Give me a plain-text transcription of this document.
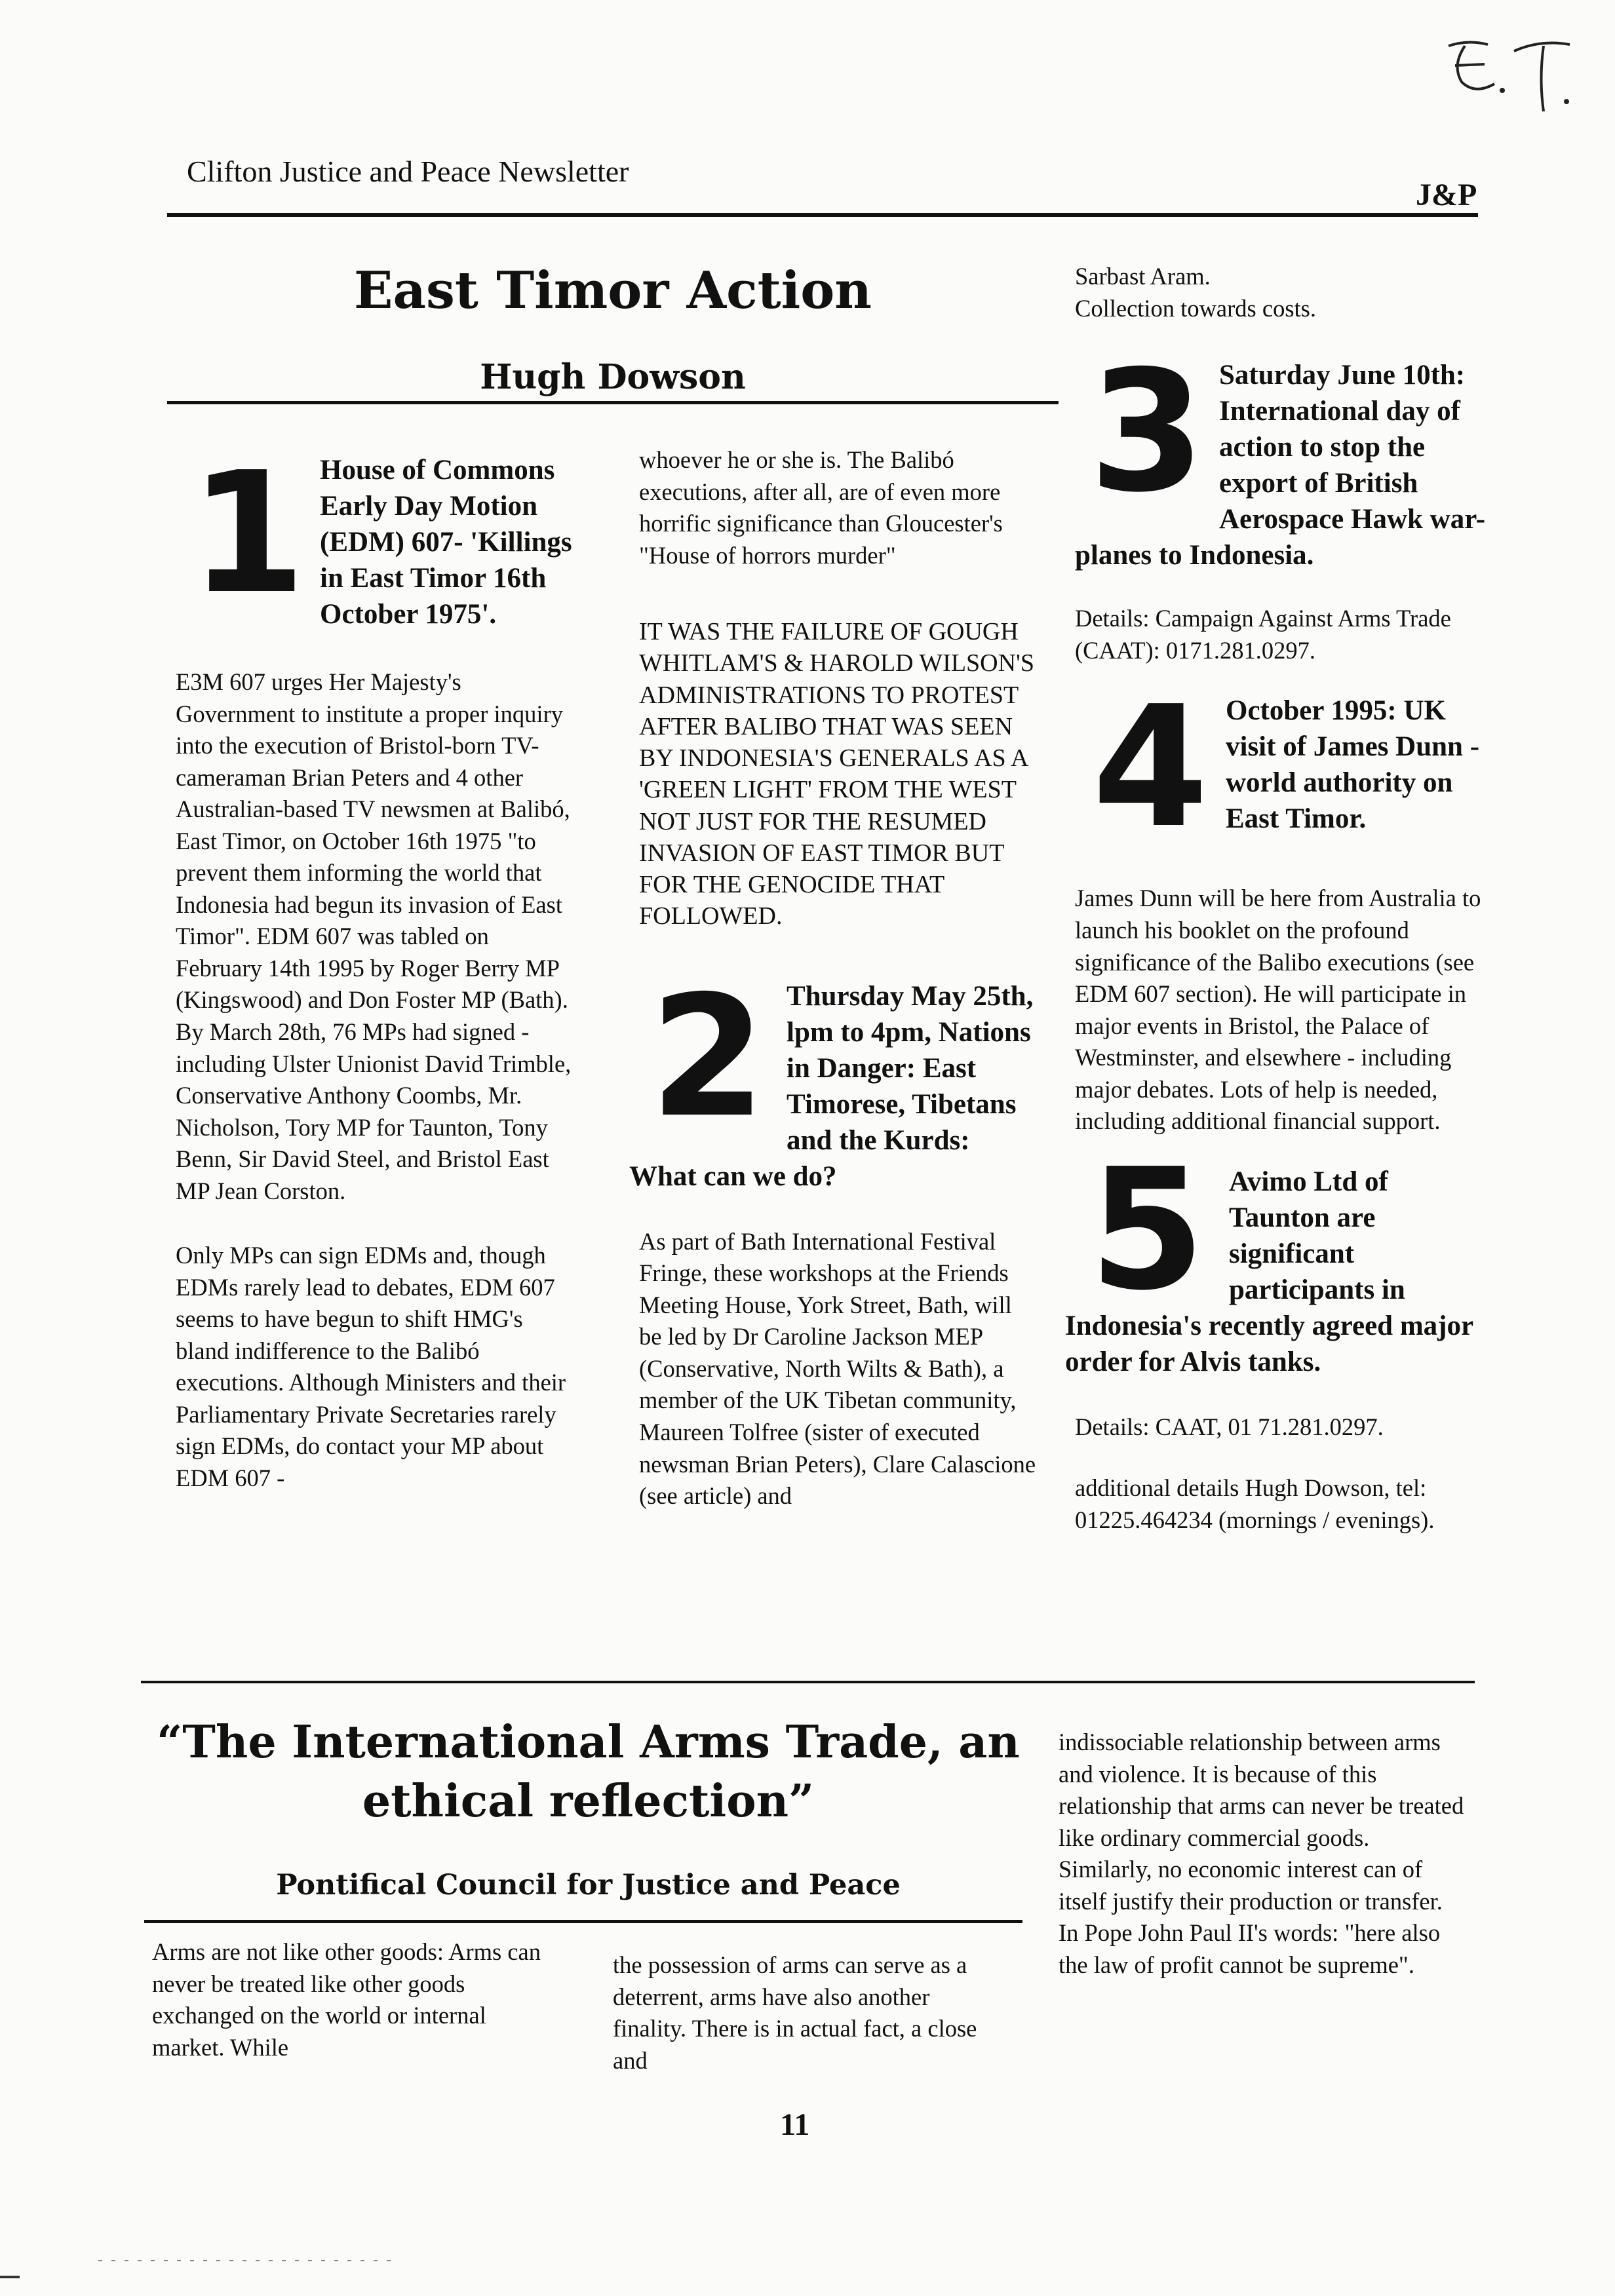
Clifton Justice and Peace Newsletter
J&P
East Timor Action
Hugh Dowson
1 House of Commons Early Day Motion (EDM) 607- 'Killings in East Timor 16th October 1975'.

E3M 607 urges Her Majesty's Government to institute a proper inquiry into the execution of Bristol-born TV-cameraman Brian Peters and 4 other Australian-based TV newsmen at Balibó, East Timor, on October 16th 1975 "to prevent them informing the world that Indonesia had begun its invasion of East Timor". EDM 607 was tabled on February 14th 1995 by Roger Berry MP (Kingswood) and Don Foster MP (Bath). By March 28th, 76 MPs had signed - including Ulster Unionist David Trimble, Conservative Anthony Coombs, Mr. Nicholson, Tory MP for Taunton, Tony Benn, Sir David Steel, and Bristol East MP Jean Corston.

Only MPs can sign EDMs and, though EDMs rarely lead to debates, EDM 607 seems to have begun to shift HMG's bland indifference to the Balibó executions. Although Ministers and their Parliamentary Private Secretaries rarely sign EDMs, do contact your MP about EDM 607 -

whoever he or she is. The Balibó executions, after all, are of even more horrific significance than Gloucester's "House of horrors murder"

IT WAS THE FAILURE OF GOUGH WHITLAM'S & HAROLD WILSON'S ADMINISTRATIONS TO PROTEST AFTER BALIBO THAT WAS SEEN BY INDONESIA'S GENERALS AS A 'GREEN LIGHT' FROM THE WEST NOT JUST FOR THE RESUMED INVASION OF EAST TIMOR BUT FOR THE GENOCIDE THAT FOLLOWED.

2 Thursday May 25th, lpm to 4pm, Nations in Danger: East Timorese, Tibetans and the Kurds: What can we do?

As part of Bath International Festival Fringe, these workshops at the Friends Meeting House, York Street, Bath, will be led by Dr Caroline Jackson MEP (Conservative, North Wilts & Bath), a member of the UK Tibetan community, Maureen Tolfree (sister of executed newsman Brian Peters), Clare Calascione (see article) and

Sarbast Aram.
Collection towards costs.
3 Saturday June 10th: International day of action to stop the export of British Aerospace Hawk war-planes to Indonesia.

Details: Campaign Against Arms Trade (CAAT): 0171.281.0297.

4 October 1995: UK visit of James Dunn - world authority on East Timor.

James Dunn will be here from Australia to launch his booklet on the profound significance of the Balibo executions (see EDM 607 section). He will participate in major events in Bristol, the Palace of Westminster, and elsewhere - including major debates. Lots of help is needed, including additional financial support.

5 Avimo Ltd of Taunton are significant participants in Indonesia's recently agreed major order for Alvis tanks.

Details: CAAT, 01 71.281.0297.

additional details Hugh Dowson, tel: 01225.464234 (mornings / evenings).

“The International Arms Trade, an ethical reflection”
Pontifical Council for Justice and Peace
Arms are not like other goods: Arms can never be treated like other goods exchanged on the world or internal market. While
the possession of arms can serve as a deterrent, arms have also another finality. There is in actual fact, a close and
indissociable relationship between arms and violence. It is because of this relationship that arms can never be treated like ordinary commercial goods. Similarly, no economic interest can of itself justify their production or transfer. In Pope John Paul II's words: "here also the law of profit cannot be supreme".
11
